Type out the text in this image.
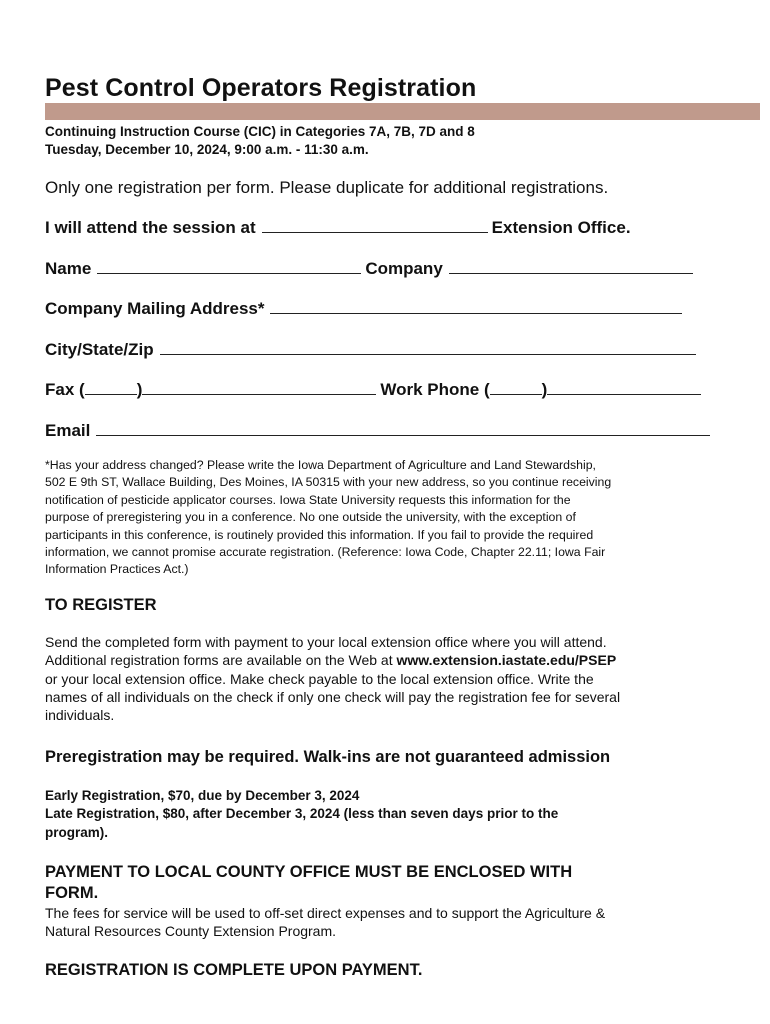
Pest Control Operators Registration
Continuing Instruction Course (CIC) in Categories 7A, 7B, 7D and 8
Tuesday, December 10, 2024, 9:00 a.m. - 11:30 a.m.
Only one registration per form. Please duplicate for additional registrations.
I will attend the session at	Extension Office.
Name	Company
Company Mailing Address*
City/State/Zip
Fax (	)	Work Phone (	)
Email

*Has your address changed? Please write the Iowa Department of Agriculture and Land Stewardship,

502 E 9th ST, Wallace Building, Des Moines, IA 50315 with your new address, so you continue receiving

notification of pesticide applicator courses. Iowa State University requests this information for the

purpose of preregistering you in a conference. No one outside the university, with the exception of

participants in this conference, is routinely provided this information. If you fail to provide the required

information, we cannot promise accurate registration. (Reference: Iowa Code, Chapter 22.11; Iowa Fair

Information Practices Act.)

TO REGISTER

Send the completed form with payment to your local extension office where you will attend.

Additional registration forms are available on the Web at www.extension.iastate.edu/PSEP

or your local extension office. Make check payable to the local extension office. Write the

names of all individuals on the check if only one check will pay the registration fee for several

individuals.

Preregistration may be required. Walk-ins are not guaranteed admission

Early Registration, $70, due by December 3, 2024

Late Registration, $80, after December 3, 2024 (less than seven days prior to the

program).

PAYMENT TO LOCAL COUNTY OFFICE MUST BE ENCLOSED WITH

FORM.

The fees for service will be used to off-set direct expenses and to support the Agriculture &

Natural Resources County Extension Program.

REGISTRATION IS COMPLETE UPON PAYMENT.
